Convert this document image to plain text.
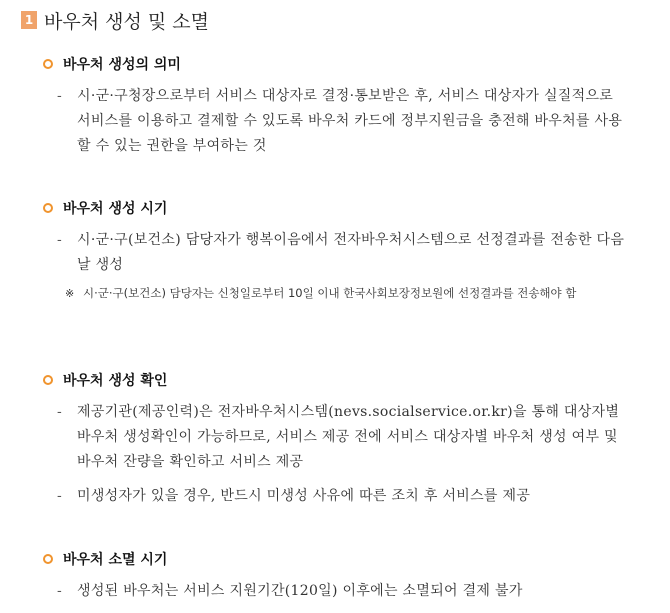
1 바우처 생성 및 소멸
바우처 생성의 의미
- 시·군·구청장으로부터 서비스 대상자로 결정·통보받은 후, 서비스 대상자가 실질적으로 서비스를 이용하고 결제할 수 있도록 바우처 카드에 정부지원금을 충전해 바우처를 사용할 수 있는 권한을 부여하는 것
바우처 생성 시기
- 시·군·구(보건소) 담당자가 행복이음에서 전자바우처시스템으로 선정결과를 전송한 다음날 생성
※ 시·군·구(보건소) 담당자는 신청일로부터 10일 이내 한국사회보장정보원에 선정결과를 전송해야 함
바우처 생성 확인
- 제공기관(제공인력)은 전자바우처시스템(nevs.socialservice.or.kr)을 통해 대상자별 바우처 생성확인이 가능하므로, 서비스 제공 전에 서비스 대상자별 바우처 생성 여부 및 바우처 잔량을 확인하고 서비스 제공
- 미생성자가 있을 경우, 반드시 미생성 사유에 따른 조치 후 서비스를 제공
바우처 소멸 시기
- 생성된 바우처는 서비스 지원기간(120일) 이후에는 소멸되어 결제 불가
